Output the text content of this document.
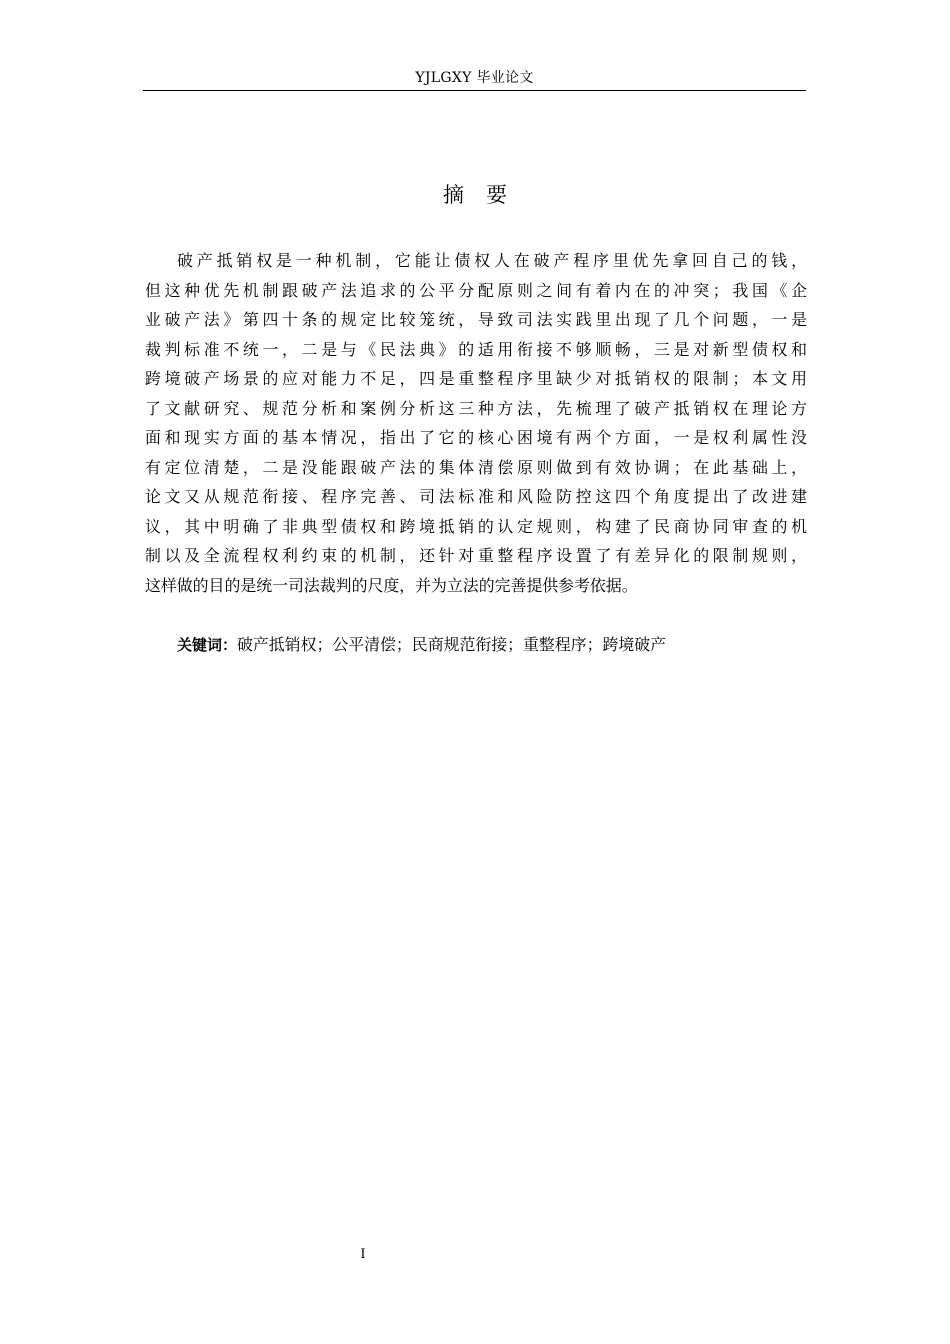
YJLGXY 毕业论文
摘要

破产抵销权是一种机制，它能让债权人在破产程序里优先拿回自己的钱，
但这种优先机制跟破产法追求的公平分配原则之间有着内在的冲突；我国《企
业破产法》第四十条的规定比较笼统，导致司法实践里出现了几个问题，一是
裁判标准不统一，二是与《民法典》的适用衔接不够顺畅，三是对新型债权和
跨境破产场景的应对能力不足，四是重整程序里缺少对抵销权的限制；本文用
了文献研究、规范分析和案例分析这三种方法，先梳理了破产抵销权在理论方
面和现实方面的基本情况，指出了它的核心困境有两个方面，一是权利属性没
有定位清楚，二是没能跟破产法的集体清偿原则做到有效协调；在此基础上，
论文又从规范衔接、程序完善、司法标准和风险防控这四个角度提出了改进建
议，其中明确了非典型债权和跨境抵销的认定规则，构建了民商协同审查的机
制以及全流程权利约束的机制，还针对重整程序设置了有差异化的限制规则，
这样做的目的是统一司法裁判的尺度，并为立法的完善提供参考依据。

关键词：破产抵销权；公平清偿；民商规范衔接；重整程序；跨境破产
I
